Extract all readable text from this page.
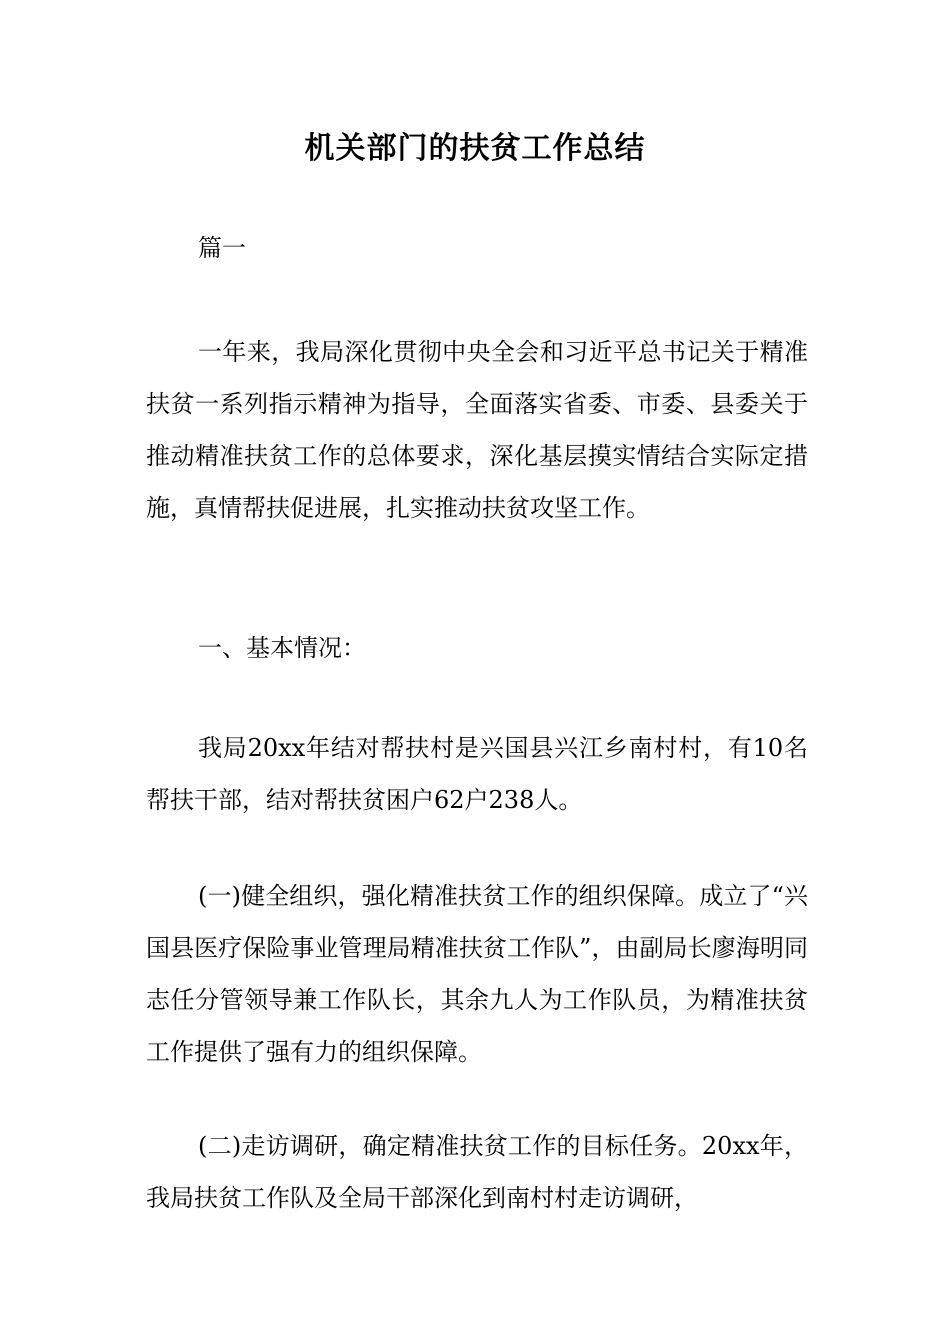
机关部门的扶贫工作总结

篇一

一年来，我局深化贯彻中央全会和习近平总书记关于精准扶贫一系列指示精神为指导，全面落实省委、市委、县委关于推动精准扶贫工作的总体要求，深化基层摸实情结合实际定措施，真情帮扶促进展，扎实推动扶贫攻坚工作。

一、基本情况：

我局20xx年结对帮扶村是兴国县兴江乡南村村，有10名帮扶干部，结对帮扶贫困户62户238人。

(一)健全组织，强化精准扶贫工作的组织保障。成立了“兴国县医疗保险事业管理局精准扶贫工作队”，由副局长廖海明同志任分管领导兼工作队长，其余九人为工作队员，为精准扶贫工作提供了强有力的组织保障。

(二)走访调研，确定精准扶贫工作的目标任务。20xx年，我局扶贫工作队及全局干部深化到南村村走访调研，
